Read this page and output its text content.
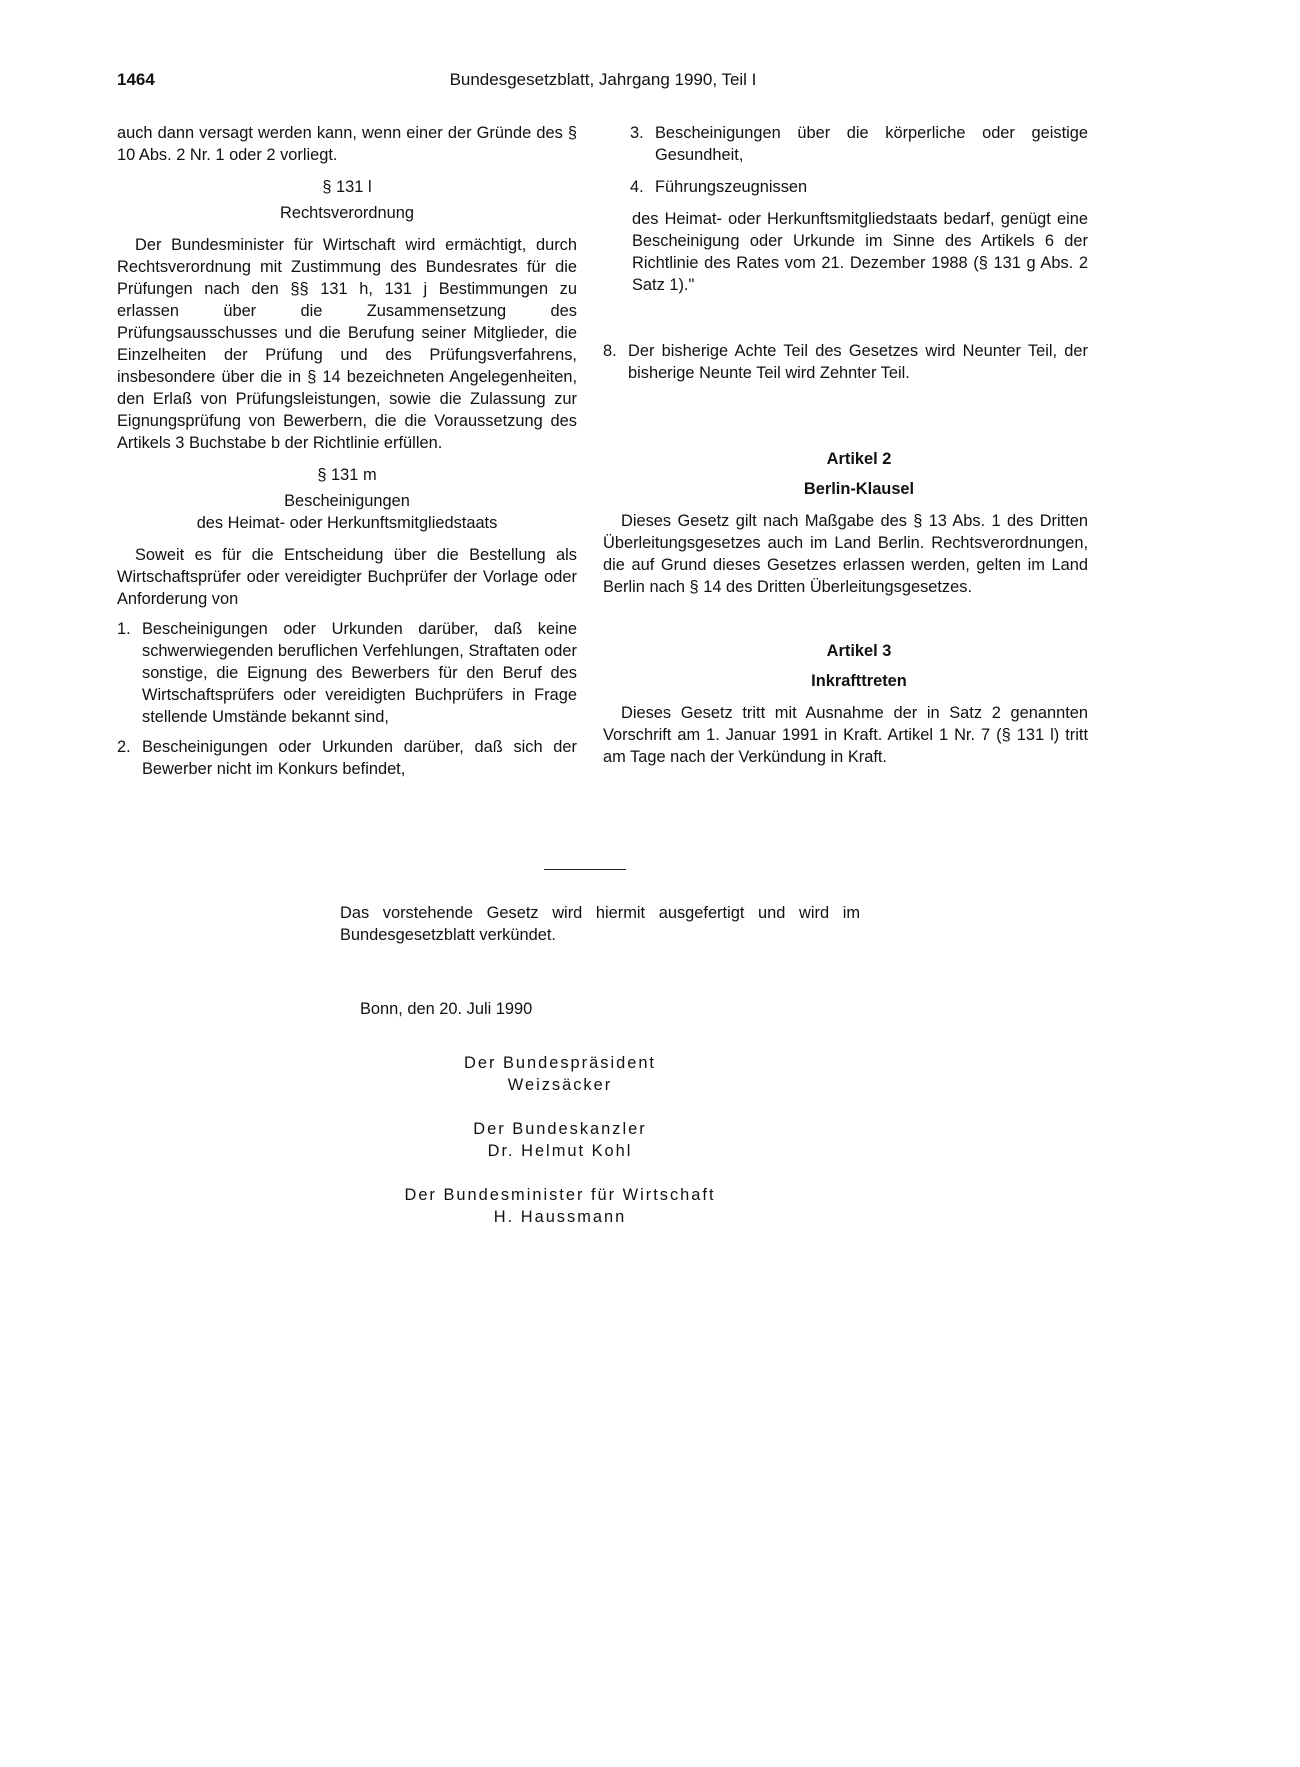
1464	Bundesgesetzblatt, Jahrgang 1990, Teil I

auch dann versagt werden kann, wenn einer der Gründe des § 10 Abs. 2 Nr. 1 oder 2 vorliegt.

§ 131 l
Rechtsverordnung

Der Bundesminister für Wirtschaft wird ermächtigt, durch Rechtsverordnung mit Zustimmung des Bundesrates für die Prüfungen nach den §§ 131 h, 131 j Bestimmungen zu erlassen über die Zusammensetzung des Prüfungsausschusses und die Berufung seiner Mitglieder, die Einzelheiten der Prüfung und des Prüfungsverfahrens, insbesondere über die in § 14 bezeichneten Angelegenheiten, den Erlaß von Prüfungsleistungen, sowie die Zulassung zur Eignungsprüfung von Bewerbern, die die Voraussetzung des Artikels 3 Buchstabe b der Richtlinie erfüllen.

§ 131 m
Bescheinigungen
des Heimat- oder Herkunftsmitgliedstaats

Soweit es für die Entscheidung über die Bestellung als Wirtschaftsprüfer oder vereidigter Buchprüfer der Vorlage oder Anforderung von

1. Bescheinigungen oder Urkunden darüber, daß keine schwerwiegenden beruflichen Verfehlungen, Straftaten oder sonstige, die Eignung des Bewerbers für den Beruf des Wirtschaftsprüfers oder vereidigten Buchprüfers in Frage stellende Umstände bekannt sind,
2. Bescheinigungen oder Urkunden darüber, daß sich der Bewerber nicht im Konkurs befindet,
3. Bescheinigungen über die körperliche oder geistige Gesundheit,
4. Führungszeugnissen

des Heimat- oder Herkunftsmitgliedstaats bedarf, genügt eine Bescheinigung oder Urkunde im Sinne des Artikels 6 der Richtlinie des Rates vom 21. Dezember 1988 (§ 131 g Abs. 2 Satz 1)."

8. Der bisherige Achte Teil des Gesetzes wird Neunter Teil, der bisherige Neunte Teil wird Zehnter Teil.
Artikel 2
Berlin-Klausel

Dieses Gesetz gilt nach Maßgabe des § 13 Abs. 1 des Dritten Überleitungsgesetzes auch im Land Berlin. Rechtsverordnungen, die auf Grund dieses Gesetzes erlassen werden, gelten im Land Berlin nach § 14 des Dritten Überleitungsgesetzes.

Artikel 3
Inkrafttreten

Dieses Gesetz tritt mit Ausnahme der in Satz 2 genannten Vorschrift am 1. Januar 1991 in Kraft. Artikel 1 Nr. 7 (§ 131 l) tritt am Tage nach der Verkündung in Kraft.

Das vorstehende Gesetz wird hiermit ausgefertigt und wird im Bundesgesetzblatt verkündet.

Bonn, den 20. Juli 1990
Der Bundespräsident
Weizsäcker
Der Bundeskanzler
Dr. Helmut Kohl
Der Bundesminister für Wirtschaft
H. Haussmann
